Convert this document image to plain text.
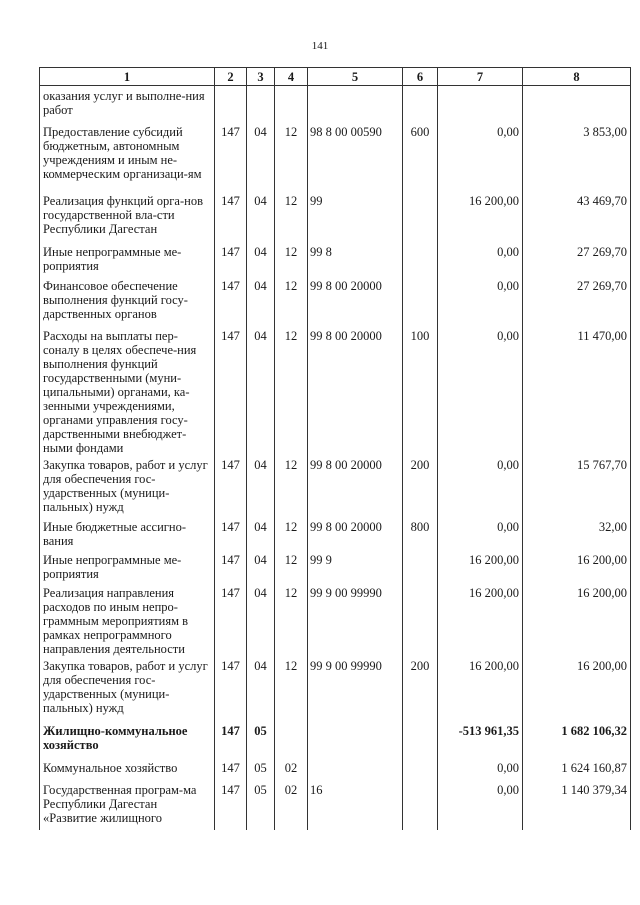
141
1	2	3	4	5	6	7	8
оказания услуг и выполне-ния работ							
Предоставление субсидий бюджетным, автономным учреждениям и иным не-коммерческим организаци-ям	147	04	12	98 8 00 00590	600	0,00	3 853,00
Реализация функций орга-нов государственной вла-сти Республики Дагестан	147	04	12	99		16 200,00	43 469,70
Иные непрограммные ме-роприятия	147	04	12	99 8		0,00	27 269,70
Финансовое обеспечение выполнения функций госу-дарственных органов	147	04	12	99 8 00 20000		0,00	27 269,70
Расходы на выплаты пер-соналу в целях обеспече-ния выполнения функций государственными (муни-ципальными) органами, ка-зенными учреждениями, органами управления госу-дарственными внебюджет-ными фондами	147	04	12	99 8 00 20000	100	0,00	11 470,00
Закупка товаров, работ и услуг для обеспечения гос-ударственных (муници-пальных) нужд	147	04	12	99 8 00 20000	200	0,00	15 767,70
Иные бюджетные ассигно-вания	147	04	12	99 8 00 20000	800	0,00	32,00
Иные непрограммные ме-роприятия	147	04	12	99 9		16 200,00	16 200,00
Реализация направления расходов по иным непро-граммным мероприятиям в рамках непрограммного направления деятельности	147	04	12	99 9 00 99990		16 200,00	16 200,00
Закупка товаров, работ и услуг для обеспечения гос-ударственных (муници-пальных) нужд	147	04	12	99 9 00 99990	200	16 200,00	16 200,00
Жилищно-коммунальное хозяйство	147	05				-513 961,35	1 682 106,32
Коммунальное хозяйство	147	05	02			0,00	1 624 160,87
Государственная програм-ма Республики Дагестан «Развитие жилищного	147	05	02	16		0,00	1 140 379,34
